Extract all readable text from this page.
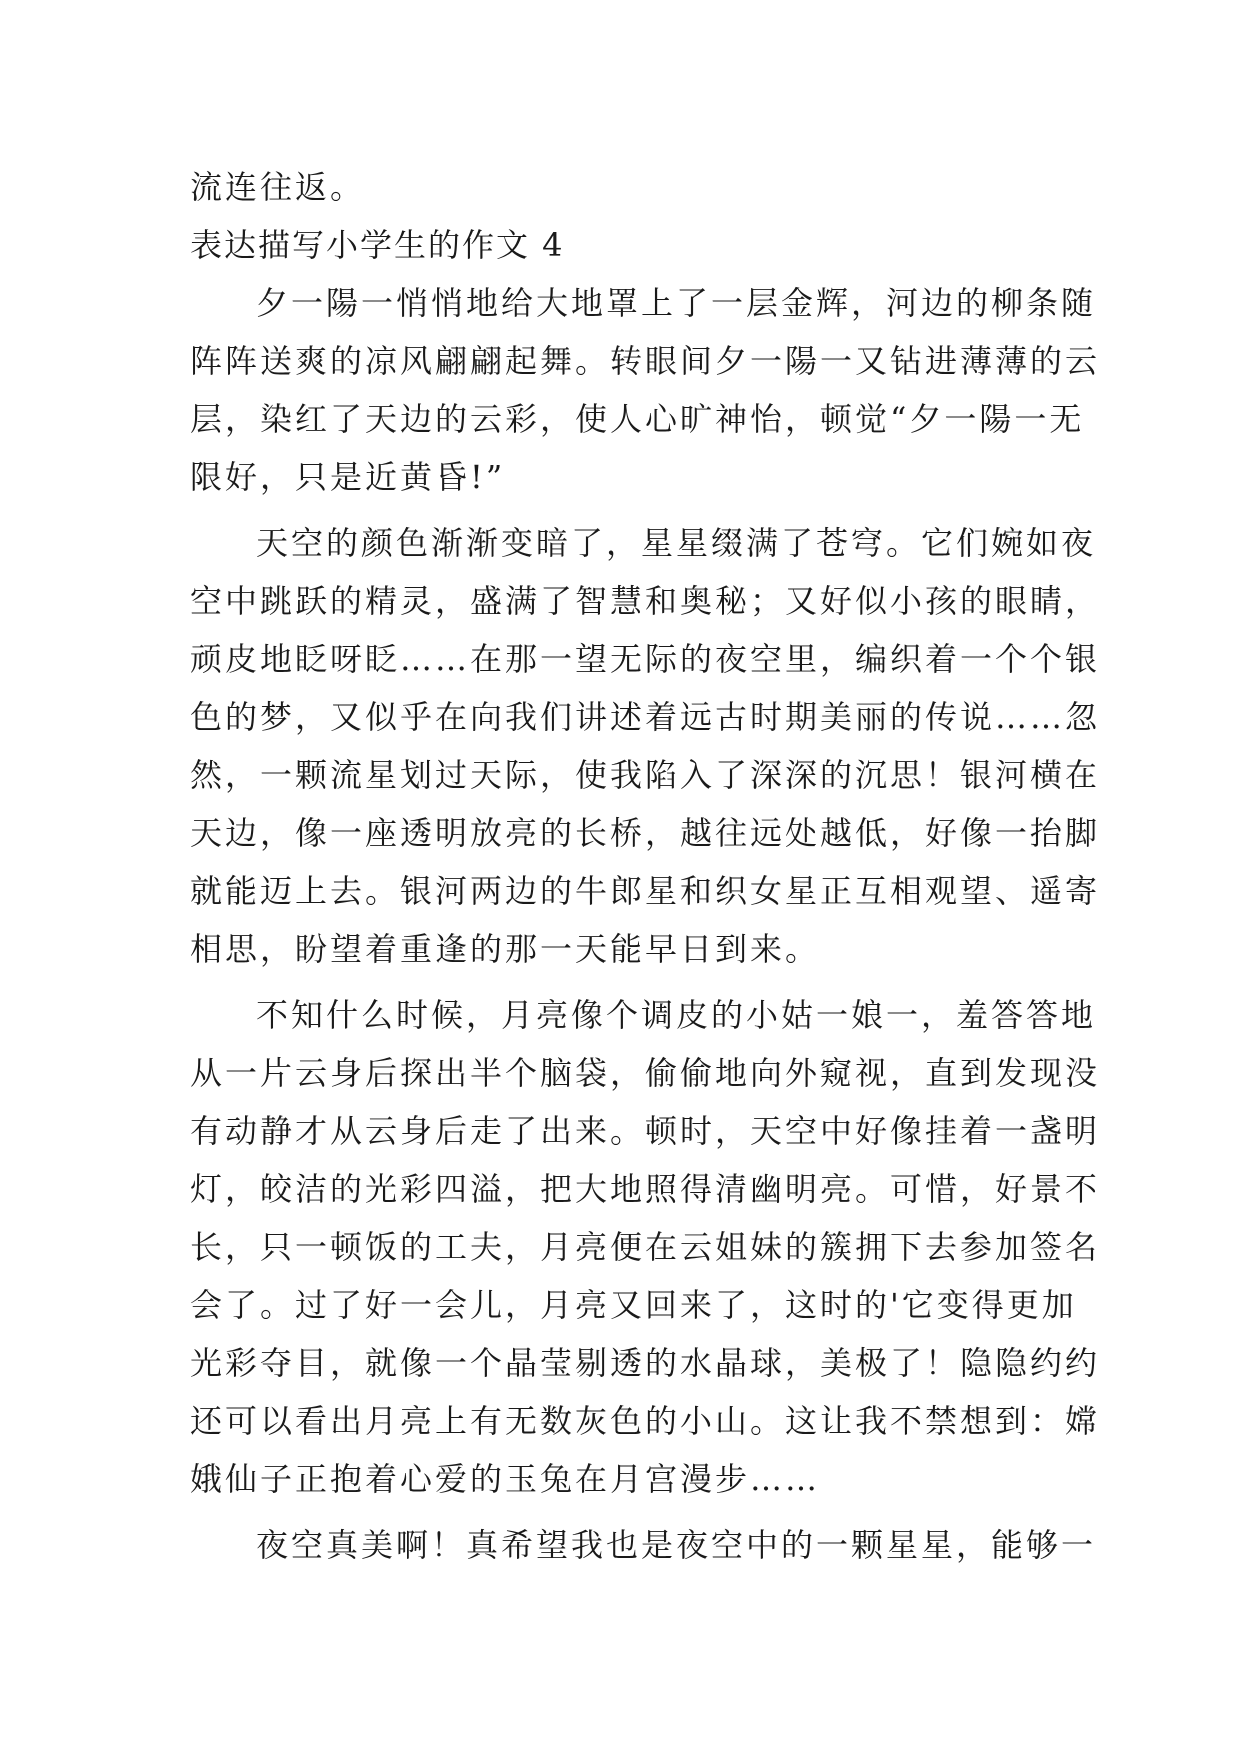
流连往返。
表达描写小学生的作文 4
夕一陽一悄悄地给大地罩上了一层金辉，河边的柳条随
阵阵送爽的凉风翩翩起舞。转眼间夕一陽一又钻进薄薄的云
层，染红了天边的云彩，使人心旷神怡，顿觉“夕一陽一无
限好，只是近黄昏!”
天空的颜色渐渐变暗了，星星缀满了苍穹。它们婉如夜
空中跳跃的精灵，盛满了智慧和奥秘；又好似小孩的眼睛，
顽皮地眨呀眨……在那一望无际的夜空里，编织着一个个银
色的梦，又似乎在向我们讲述着远古时期美丽的传说……忽
然，一颗流星划过天际，使我陷入了深深的沉思！银河横在
天边，像一座透明放亮的长桥，越往远处越低，好像一抬脚
就能迈上去。银河两边的牛郎星和织女星正互相观望、遥寄
相思，盼望着重逢的那一天能早日到来。
不知什么时候，月亮像个调皮的小姑一娘一，羞答答地
从一片云身后探出半个脑袋，偷偷地向外窥视，直到发现没
有动静才从云身后走了出来。顿时，天空中好像挂着一盏明
灯，皎洁的光彩四溢，把大地照得清幽明亮。可惜，好景不
长，只一顿饭的工夫，月亮便在云姐妹的簇拥下去参加签名
会了。过了好一会儿，月亮又回来了，这时的'它变得更加
光彩夺目，就像一个晶莹剔透的水晶球，美极了！隐隐约约
还可以看出月亮上有无数灰色的小山。这让我不禁想到：嫦
娥仙子正抱着心爱的玉兔在月宫漫步……
夜空真美啊！真希望我也是夜空中的一颗星星，能够一
